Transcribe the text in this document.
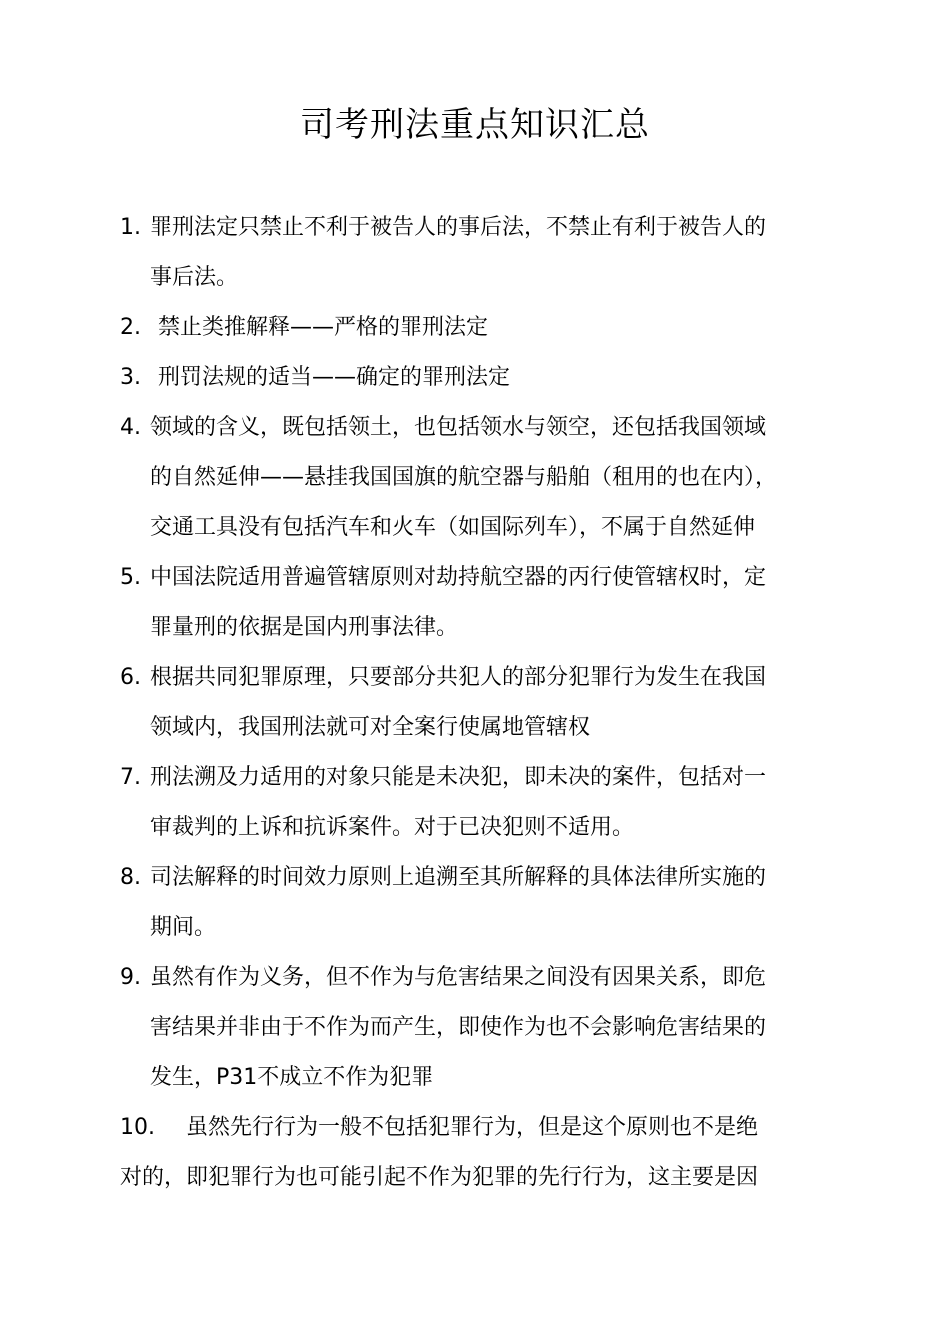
司考刑法重点知识汇总
1. 罪刑法定只禁止不利于被告人的事后法，不禁止有利于被告人的
事后法。
2. 禁止类推解释——严格的罪刑法定
3. 刑罚法规的适当——确定的罪刑法定
4. 领域的含义，既包括领土，也包括领水与领空，还包括我国领域
的自然延伸——悬挂我国国旗的航空器与船舶（租用的也在内），
交通工具没有包括汽车和火车（如国际列车），不属于自然延伸
5. 中国法院适用普遍管辖原则对劫持航空器的丙行使管辖权时，定
罪量刑的依据是国内刑事法律。
6. 根据共同犯罪原理，只要部分共犯人的部分犯罪行为发生在我国
领域内，我国刑法就可对全案行使属地管辖权
7. 刑法溯及力适用的对象只能是未决犯，即未决的案件，包括对一
审裁判的上诉和抗诉案件。对于已决犯则不适用。
8. 司法解释的时间效力原则上追溯至其所解释的具体法律所实施的
期间。
9. 虽然有作为义务，但不作为与危害结果之间没有因果关系，即危
害结果并非由于不作为而产生，即使作为也不会影响危害结果的
发生，P31不成立不作为犯罪
10. 虽然先行行为一般不包括犯罪行为，但是这个原则也不是绝
对的，即犯罪行为也可能引起不作为犯罪的先行行为，这主要是因
